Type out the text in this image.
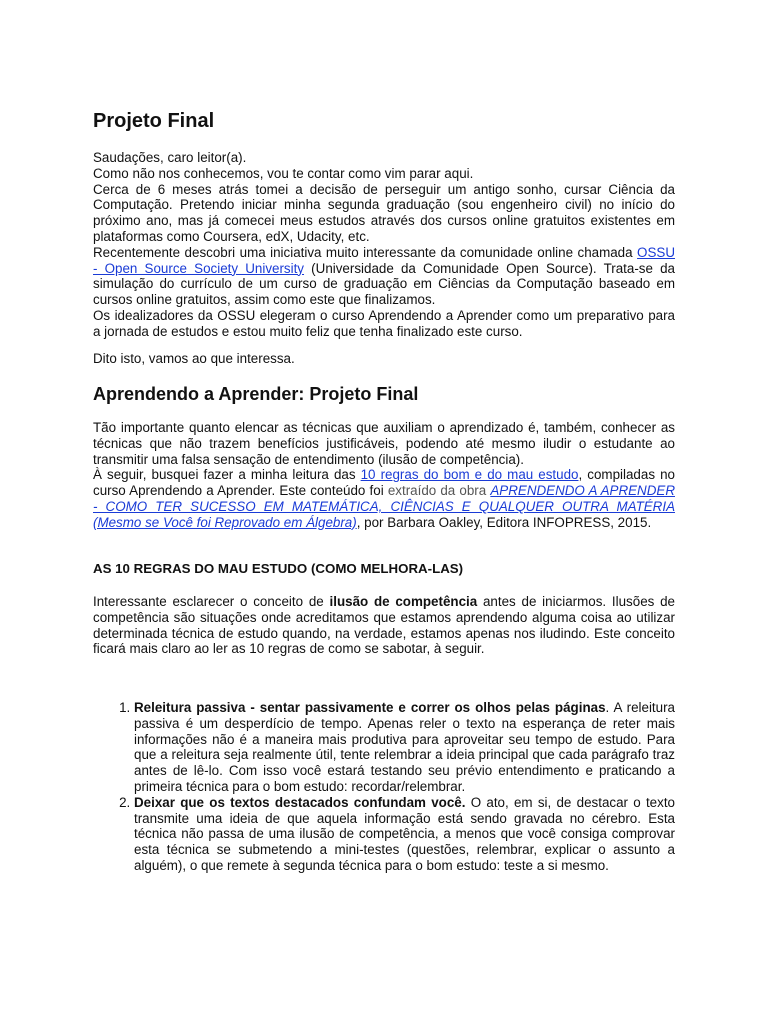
Projeto Final
Saudações, caro leitor(a).
Como não nos conhecemos, vou te contar como vim parar aqui.
Cerca de 6 meses atrás tomei a decisão de perseguir um antigo sonho, cursar Ciência da Computação. Pretendo iniciar minha segunda graduação (sou engenheiro civil) no início do próximo ano, mas já comecei meus estudos através dos cursos online gratuitos existentes em plataformas como Coursera, edX, Udacity, etc.
Recentemente descobri uma iniciativa muito interessante da comunidade online chamada OSSU - Open Source Society University (Universidade da Comunidade Open Source). Trata-se da simulação do currículo de um curso de graduação em Ciências da Computação baseado em cursos online gratuitos, assim como este que finalizamos.
Os idealizadores da OSSU elegeram o curso Aprendendo a Aprender como um preparativo para a jornada de estudos e estou muito feliz que tenha finalizado este curso.
Dito isto, vamos ao que interessa.
Aprendendo a Aprender: Projeto Final
Tão importante quanto elencar as técnicas que auxiliam o aprendizado é, também, conhecer as técnicas que não trazem benefícios justificáveis, podendo até mesmo iludir o estudante ao transmitir uma falsa sensação de entendimento (ilusão de competência).
À seguir, busquei fazer a minha leitura das 10 regras do bom e do mau estudo, compiladas no curso Aprendendo a Aprender. Este conteúdo foi extraído da obra APRENDENDO A APRENDER - COMO TER SUCESSO EM MATEMÁTICA, CIÊNCIAS E QUALQUER OUTRA MATÉRIA (Mesmo se Você foi Reprovado em Álgebra), por Barbara Oakley, Editora INFOPRESS, 2015.
AS 10 REGRAS DO MAU ESTUDO (COMO MELHORA-LAS)
Interessante esclarecer o conceito de ilusão de competência antes de iniciarmos. Ilusões de competência são situações onde acreditamos que estamos aprendendo alguma coisa ao utilizar determinada técnica de estudo quando, na verdade, estamos apenas nos iludindo. Este conceito ficará mais claro ao ler as 10 regras de como se sabotar, à seguir.
1. Releitura passiva - sentar passivamente e correr os olhos pelas páginas. A releitura passiva é um desperdício de tempo. Apenas reler o texto na esperança de reter mais informações não é a maneira mais produtiva para aproveitar seu tempo de estudo. Para que a releitura seja realmente útil, tente relembrar a ideia principal que cada parágrafo traz antes de lê-lo. Com isso você estará testando seu prévio entendimento e praticando a primeira técnica para o bom estudo: recordar/relembrar.
2. Deixar que os textos destacados confundam você. O ato, em si, de destacar o texto transmite uma ideia de que aquela informação está sendo gravada no cérebro. Esta técnica não passa de uma ilusão de competência, a menos que você consiga comprovar esta técnica se submetendo a mini-testes (questões, relembrar, explicar o assunto a alguém), o que remete à segunda técnica para o bom estudo: teste a si mesmo.
